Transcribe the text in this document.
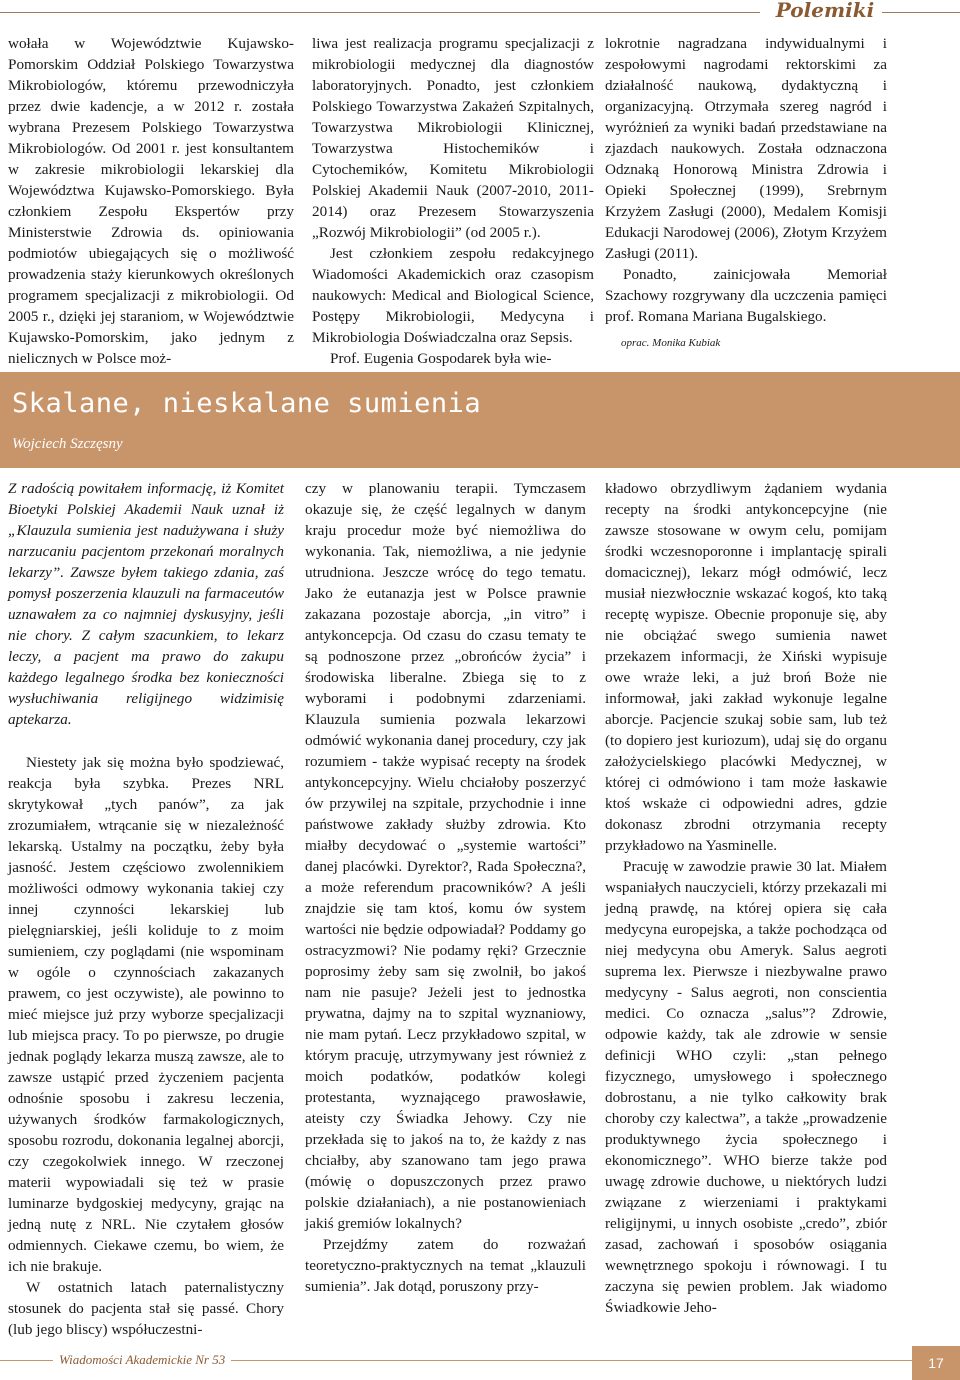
Polemiki

wołała w Województwie Kujawsko-Pomorskim Oddział Polskiego Towarzystwa Mikrobiologów, któremu przewodniczyła przez dwie kadencje, a w 2012 r. została wybrana Prezesem Polskiego Towarzystwa Mikrobiologów. Od 2001 r. jest konsultantem w zakresie mikrobiologii lekarskiej dla Województwa Kujawsko-Pomorskiego. Była członkiem Zespołu Ekspertów przy Ministerstwie Zdrowia ds. opiniowania podmiotów ubiegających się o możliwość prowadzenia staży kierunkowych określonych programem specjalizacji z mikrobiologii. Od 2005 r., dzięki jej staraniom, w Województwie Kujawsko-Pomorskim, jako jednym z nielicznych w Polsce moż-

liwa jest realizacja programu specjalizacji z mikrobiologii medycznej dla diagnostów laboratoryjnych. Ponadto, jest członkiem Polskiego Towarzystwa Zakażeń Szpitalnych, Towarzystwa Mikrobiologii Klinicznej, Towarzystwa Histochemików i Cytochemików, Komitetu Mikrobiologii Polskiej Akademii Nauk (2007-2010, 2011-2014) oraz Prezesem Stowarzyszenia „Rozwój Mikrobiologii” (od 2005 r.).

Jest członkiem zespołu redakcyjnego Wiadomości Akademickich oraz czasopism naukowych: Medical and Biological Science, Postępy Mikrobiologii, Medycyna i Mikrobiologia Doświadczalna oraz Sepsis.

Prof. Eugenia Gospodarek była wie-

lokrotnie nagradzana indywidualnymi i zespołowymi nagrodami rektorskimi za działalność naukową, dydaktyczną i organizacyjną. Otrzymała szereg nagród i wyróżnień za wyniki badań przedstawiane na zjazdach naukowych. Została odznaczona Odznaką Honorową Ministra Zdrowia i Opieki Społecznej (1999), Srebrnym Krzyżem Zasługi (2000), Medalem Komisji Edukacji Narodowej (2006), Złotym Krzyżem Zasługi (2011).

Ponadto, zainicjowała Memoriał Szachowy rozgrywany dla uczczenia pamięci prof. Romana Mariana Bugalskiego.

oprac. Monika Kubiak

Skalane, nieskalane sumienia
Wojciech Szczęsny

Z radością powitałem informację, iż Komitet Bioetyki Polskiej Akademii Nauk uznał iż „Klauzula sumienia jest nadużywana i służy narzucaniu pacjentom przekonań moralnych lekarzy”. Zawsze byłem takiego zdania, zaś pomysł poszerzenia klauzuli na farmaceutów uznawałem za co najmniej dyskusyjny, jeśli nie chory. Z całym szacunkiem, to lekarz leczy, a pacjent ma prawo do zakupu każdego legalnego środka bez konieczności wysłuchiwania religijnego widzimisię aptekarza.

Niestety jak się można było spodziewać, reakcja była szybka. Prezes NRL skrytykował „tych panów”, za jak zrozumiałem, wtrącanie się w niezależność lekarską. Ustalmy na początku, żeby była jasność. Jestem częściowo zwolennikiem możliwości odmowy wykonania takiej czy innej czynności lekarskiej lub pielęgniarskiej, jeśli koliduje to z moim sumieniem, czy poglądami (nie wspominam w ogóle o czynnościach zakazanych prawem, co jest oczywiste), ale powinno to mieć miejsce już przy wyborze specjalizacji lub miejsca pracy. To po pierwsze, po drugie jednak poglądy lekarza muszą zawsze, ale to zawsze ustąpić przed życzeniem pacjenta odnośnie sposobu i zakresu leczenia, używanych środków farmakologicznych, sposobu rozrodu, dokonania legalnej aborcji, czy czegokolwiek innego. W rzeczonej materii wypowiadali się też w prasie luminarze bydgoskiej medycyny, grając na jedną nutę z NRL. Nie czytałem głosów odmiennych. Ciekawe czemu, bo wiem, że ich nie brakuje.

W ostatnich latach paternalistyczny stosunek do pacjenta stał się passé. Chory (lub jego bliscy) współuczestni-

czy w planowaniu terapii. Tymczasem okazuje się, że część legalnych w danym kraju procedur może być niemożliwa do wykonania. Tak, niemożliwa, a nie jedynie utrudniona. Jeszcze wrócę do tego tematu. Jako że eutanazja jest w Polsce prawnie zakazana pozostaje aborcja, „in vitro” i antykoncepcja. Od czasu do czasu tematy te są podnoszone przez „obrońców życia” i środowiska liberalne. Zbiega się to z wyborami i podobnymi zdarzeniami. Klauzula sumienia pozwala lekarzowi odmówić wykonania danej procedury, czy jak rozumiem - także wypisać recepty na środek antykoncepcyjny. Wielu chciałoby poszerzyć ów przywilej na szpitale, przychodnie i inne państwowe zakłady służby zdrowia. Kto miałby decydować o „systemie wartości” danej placówki. Dyrektor?, Rada Społeczna?, a może referendum pracowników? A jeśli znajdzie się tam ktoś, komu ów system wartości nie będzie odpowiadał? Poddamy go ostracyzmowi? Nie podamy ręki? Grzecznie poprosimy żeby sam się zwolnił, bo jakoś nam nie pasuje? Jeżeli jest to jednostka prywatna, dajmy na to szpital wyznaniowy, nie mam pytań. Lecz przykładowo szpital, w którym pracuję, utrzymywany jest również z moich podatków, podatków kolegi protestanta, wyznającego prawosławie, ateisty czy Świadka Jehowy. Czy nie przekłada się to jakoś na to, że każdy z nas chciałby, aby szanowano tam jego prawa (mówię o dopuszczonych przez prawo polskie działaniach), a nie postanowieniach jakiś gremiów lokalnych?

Przejdźmy zatem do rozważań teoretyczno-praktycznych na temat „klauzuli sumienia”. Jak dotąd, poruszony przy-

kładowo obrzydliwym żądaniem wydania recepty na środki antykoncepcyjne (nie zawsze stosowane w owym celu, pomijam środki wczesnoporonne i implantację spirali domacicznej), lekarz mógł odmówić, lecz musiał niezwłocznie wskazać kogoś, kto taką receptę wypisze. Obecnie proponuje się, aby nie obciążać swego sumienia nawet przekazem informacji, że Xiński wypisuje owe wraże leki, a już broń Boże nie informował, jaki zakład wykonuje legalne aborcje. Pacjencie szukaj sobie sam, lub też (to dopiero jest kuriozum), udaj się do organu założycielskiego placówki Medycznej, w której ci odmówiono i tam może łaskawie ktoś wskaże ci odpowiedni adres, gdzie dokonasz zbrodni otrzymania recepty przykładowo na Yasminelle.

Pracuję w zawodzie prawie 30 lat. Miałem wspaniałych nauczycieli, którzy przekazali mi jedną prawdę, na której opiera się cała medycyna europejska, a także pochodząca od niej medycyna obu Ameryk. Salus aegroti suprema lex. Pierwsze i niezbywalne prawo medycyny - Salus aegroti, non conscientia medici. Co oznacza „salus”? Zdrowie, odpowie każdy, tak ale zdrowie w sensie definicji WHO czyli: „stan pełnego fizycznego, umysłowego i społecznego dobrostanu, a nie tylko całkowity brak choroby czy kalectwa”, a także „prowadzenie produktywnego życia społecznego i ekonomicznego”. WHO bierze także pod uwagę zdrowie duchowe, u niektórych ludzi związane z wierzeniami i praktykami religijnymi, u innych osobiste „credo”, zbiór zasad, zachowań i sposobów osiągania wewnętrznego spokoju i równowagi. I tu zaczyna się pewien problem. Jak wiadomo Świadkowie Jeho-

Wiadomości Akademickie Nr 53	17
